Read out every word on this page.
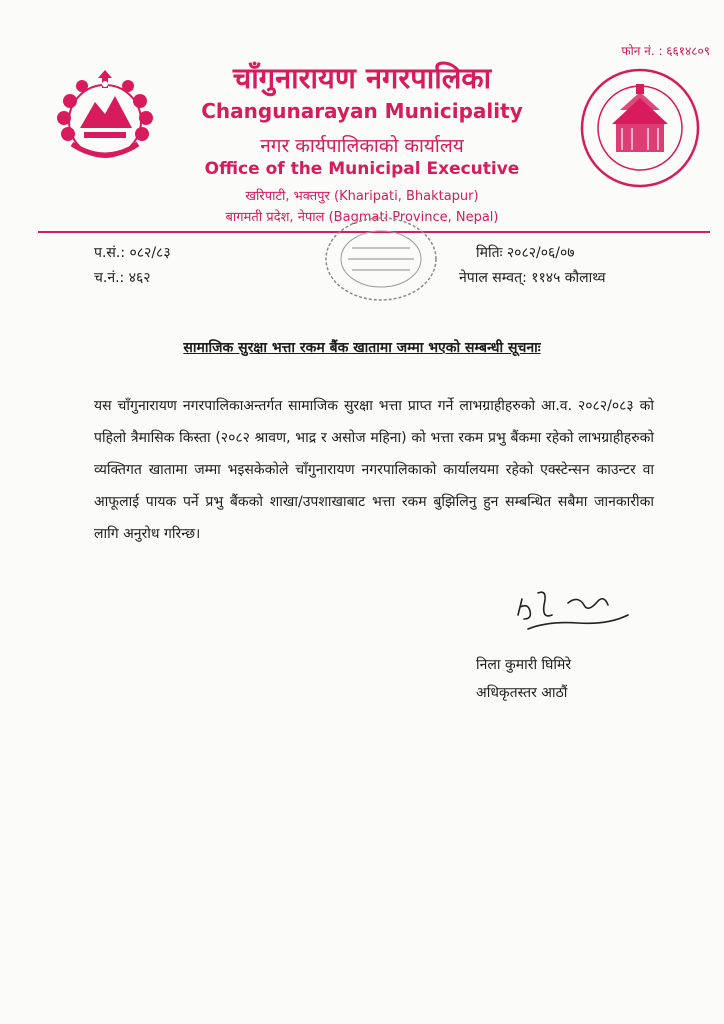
फोन नं. : ६६१४८०९
चाँगुनारायण नगरपालिका
Changunarayan Municipality
नगर कार्यपालिकाको कार्यालय
Office of the Municipal Executive
खरिपाटी, भक्तपुर (Kharipati, Bhaktapur)
बागमती प्रदेश, नेपाल (Bagmati Province, Nepal)
प.सं.: ०८२/८३
च.नं.: ४६२
मितिः २०८२/०६/०७
नेपाल सम्वत्: ११४५ कौलाथ्व
सामाजिक सुरक्षा भत्ता रकम बैंक खातामा जम्मा भएको सम्बन्धी सूचनाः
यस चाँगुनारायण नगरपालिकाअन्तर्गत सामाजिक सुरक्षा भत्ता प्राप्त गर्ने लाभग्राहीहरुको आ.व. २०८२/०८३ को पहिलो त्रैमासिक किस्ता (२०८२ श्रावण, भाद्र र असोज महिना) को भत्ता रकम प्रभु बैंकमा रहेको लाभग्राहीहरुको व्यक्तिगत खातामा जम्मा भइसकेकोले चाँगुनारायण नगरपालिकाको कार्यालयमा रहेको एक्स्टेन्सन काउन्टर वा आफूलाई पायक पर्ने प्रभु बैंकको शाखा/उपशाखाबाट भत्ता रकम बुझिलिनु हुन सम्बन्धित सबैमा जानकारीका लागि अनुरोध गरिन्छ।
निला कुमारी घिमिरे
अधिकृतस्तर आठौं
